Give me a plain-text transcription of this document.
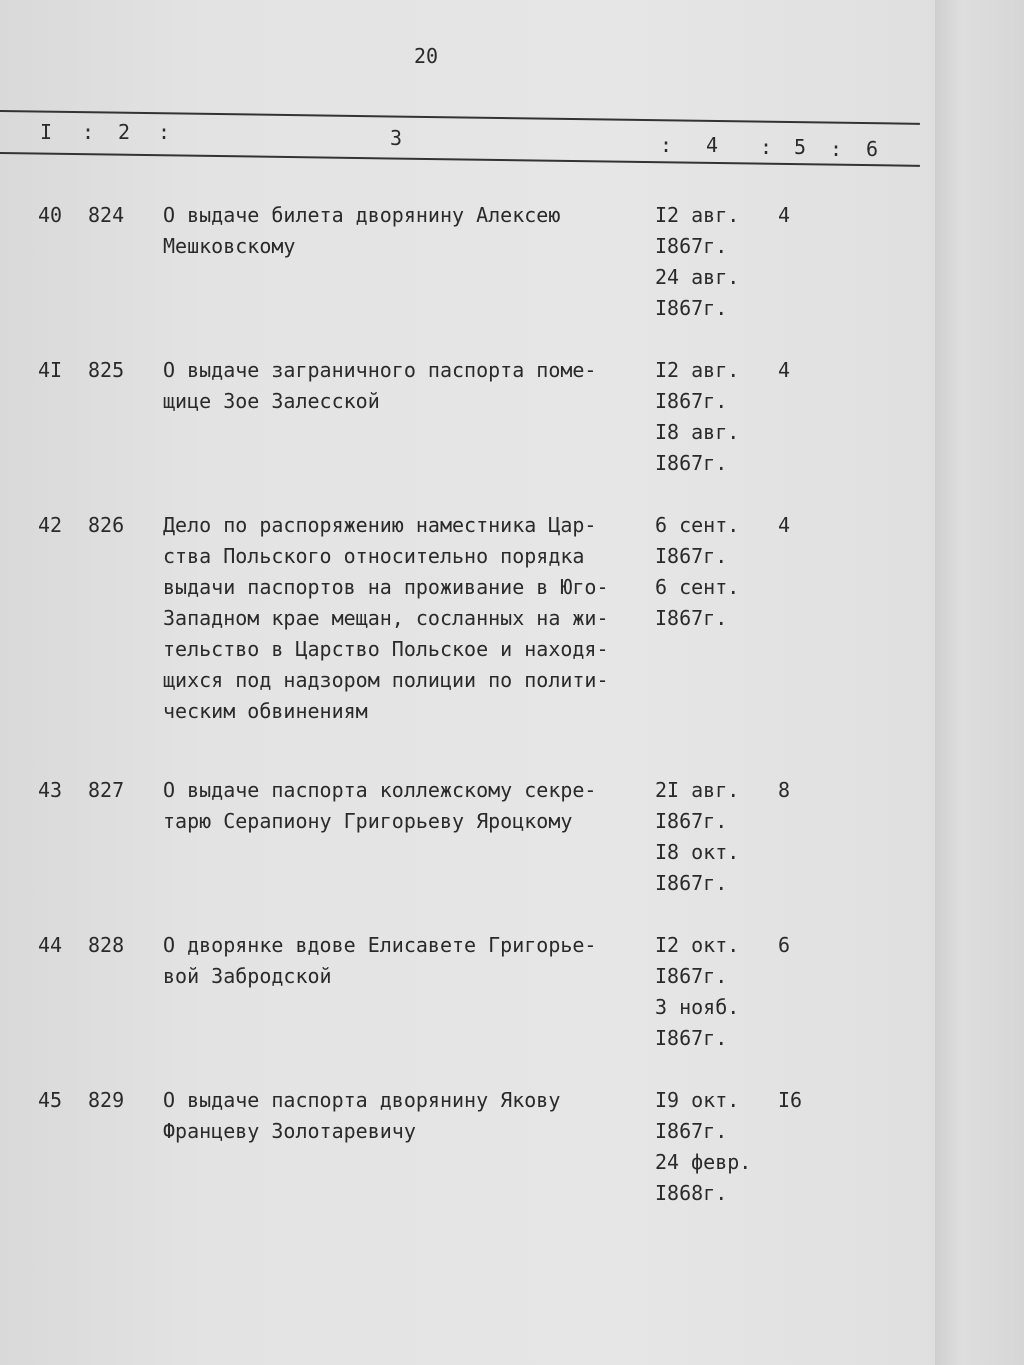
20
I : 2 :	3	: 4 : 5 : 6
40 824 О выдаче билета дворянину Алексею
Мешковскому
I2 авг.
I867г.
24 авг.
I867г.
4
4I 825 О выдаче заграничного паспорта поме-
щице Зое Залесской
I2 авг.
I867г.
I8 авг.
I867г.
4
42 826 Дело по распоряжению наместника Цар-
ства Польского относительно порядка
выдачи паспортов на проживание в Юго-
Западном крае мещан, сосланных на жи-
тельство в Царство Польское и находя-
щихся под надзором полиции по полити-
ческим обвинениям
6 сент.
I867г.
6 сент.
I867г.
4
43 827 О выдаче паспорта коллежскому секре-
тарю Серапиону Григорьеву Яроцкому
2I авг.
I867г.
I8 окт.
I867г.
8
44 828 О дворянке вдове Елисавете Григорье-
вой Забродской
I2 окт.
I867г.
3 нояб.
I867г.
6
45 829 О выдаче паспорта дворянину Якову
Францеву Золотаревичу
I9 окт.
I867г.
24 февр.
I868г.
I6
